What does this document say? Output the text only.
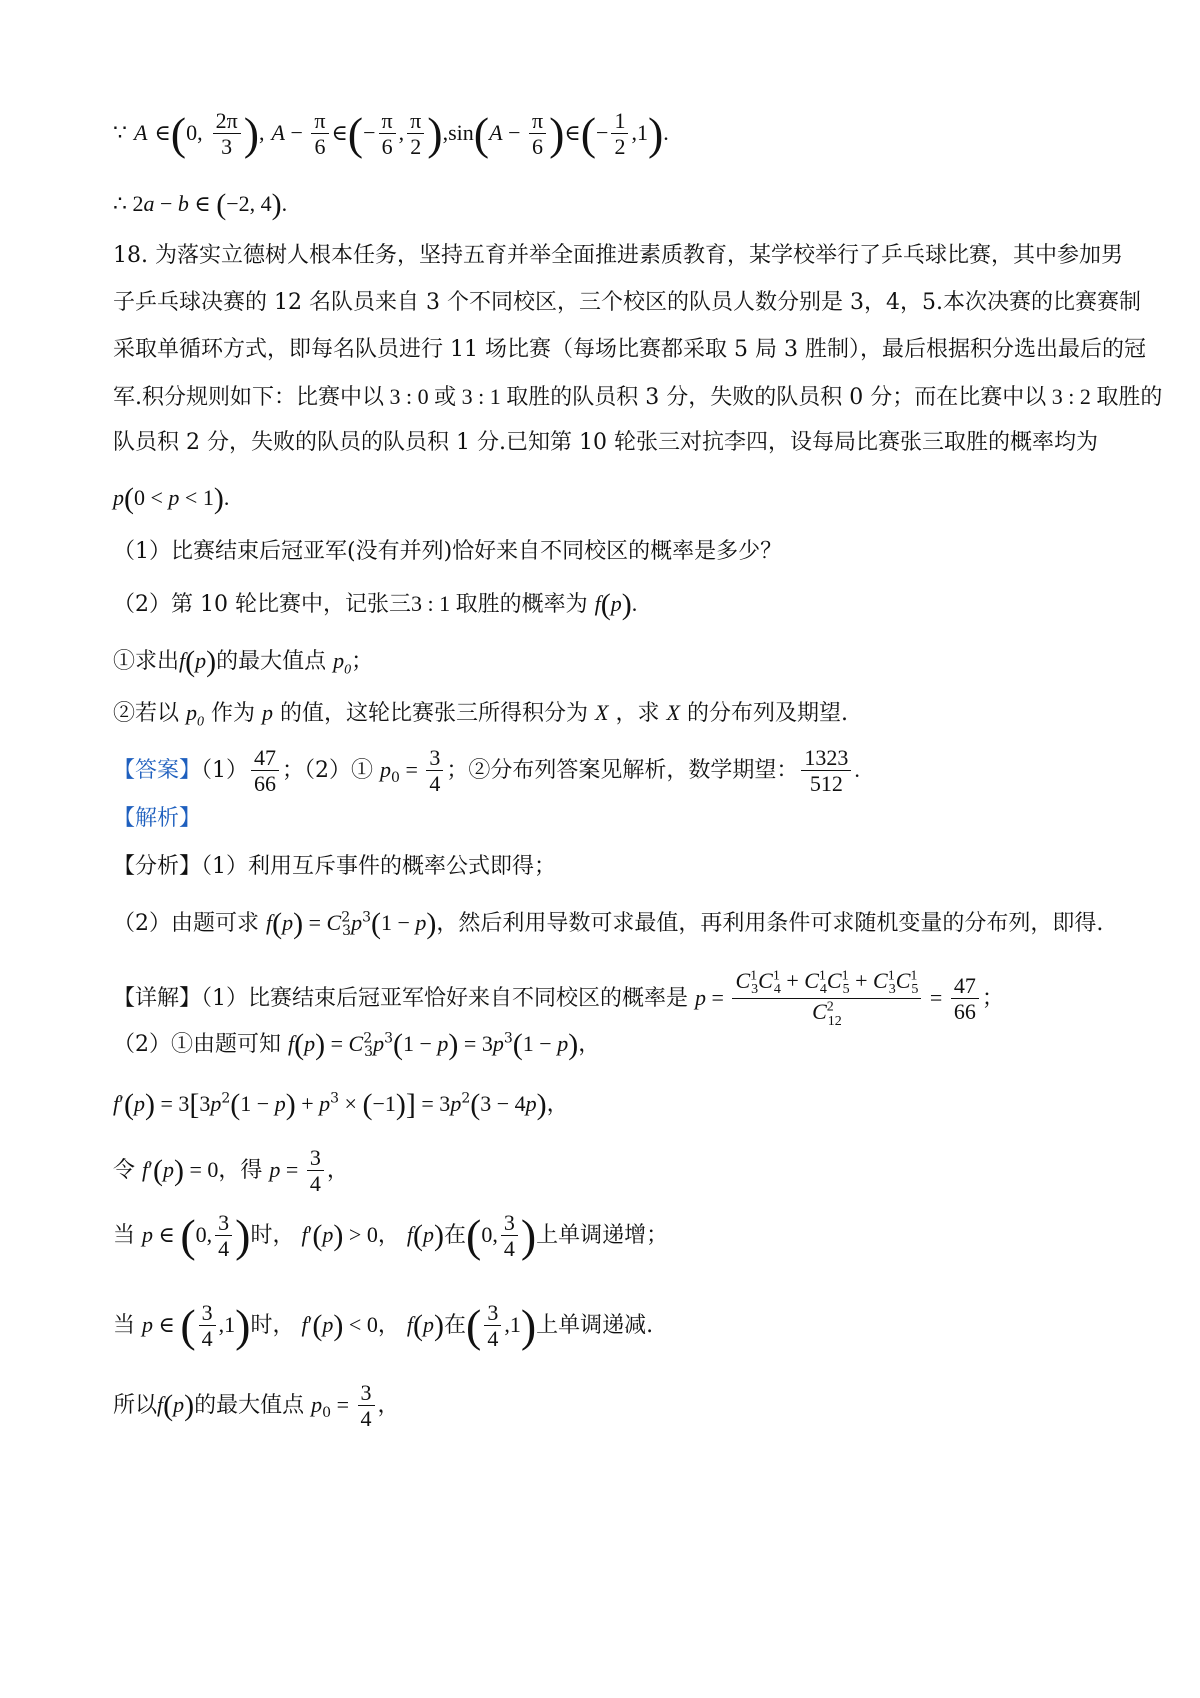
∵ A ∈(0, $\frac{2\pi}{3}$ ), $A - \frac{\pi}{6}$ ∈(− $\frac{\pi}{6}$ , $\frac{\pi}{2} ),\sin(A - \frac{\pi}{6}$ )∈(− $\frac{1}{2} ,1$).
∴ 2a − b ∈ (−2, 4).
18. 为落实立德树人根本任务，坚持五育并举全面推进素质教育，某学校举行了乒乓球比赛，其中参加男
子乒乓球决赛的 12 名队员来自 3 个不同校区，三个校区的队员人数分别是 3，4，5.本次决赛的比赛赛制
采取单循环方式，即每名队员进行 11 场比赛（每场比赛都采取 5 局 3 胜制），最后根据积分选出最后的冠
军.积分规则如下：比赛中以 3 : 0 或 3 : 1 取胜的队员积 3 分，失败的队员积 0 分；而在比赛中以 3 : 2 取胜的
队员积 2 分，失败的队员的队员积 1 分.已知第 10 轮张三对抗李四，设每局比赛张三取胜的概率均为
p(0 < p < 1).
（1）比赛结束后冠亚军(没有并列)恰好来自不同校区的概率是多少？
（2）第 10 轮比赛中，记张三3 : 1 取胜的概率为 f(p).
①求出f(p)的最大值点 $p_0$；
②若以 $p_0$ 作为 p 的值，这轮比赛张三所得积分为 X ，求 X 的分布列及期望.
【答案】$(1) \frac{47}{66}$ ；（2）① $p_0 = \frac{3}{4}$ ；②分布列答案见解析，数学期望： $\frac{1323}{512}$ .
【解析】
【分析】（1）利用互斥事件的概率公式即得；
（2）由题可求 $f(p) = C^2_3p^3(1 - p)$，然后利用导数可求最值，再利用条件可求随机变量的分布列，即得.
【详解】（1）比赛结束后冠亚军恰好来自不同校区的概率是 $p = \frac{C^1_3C^1_4 + C^1_4C^1_5 + C^1_3C^1_5}{C^2_{12}} = \frac{47}{66}$ ；
（2）①由题可知 $f(p) = C^2_3p^3(1 - p) = 3p^3(1 - p)$，
$f'(p) = 3[3p^2(1 - p) + p^3 \times (-1)] = 3p^2(3 - 4p)$，
令 f′(p) = 0，得 $p = \frac{3}{4}$ ，
当 p ∈ (0, $\frac{3}{4}$ )时， f′(p) > 0， f(p)在(0, $\frac{3}{4}$ )上单调递增；
当 p ∈ ( $\frac{3}{4} ,1$)时， f′(p) < 0， f(p)在( $\frac{3}{4} ,1$)上单调递减.
所以f(p)的最大值点 $p_0 = \frac{3}{4}$ ，
